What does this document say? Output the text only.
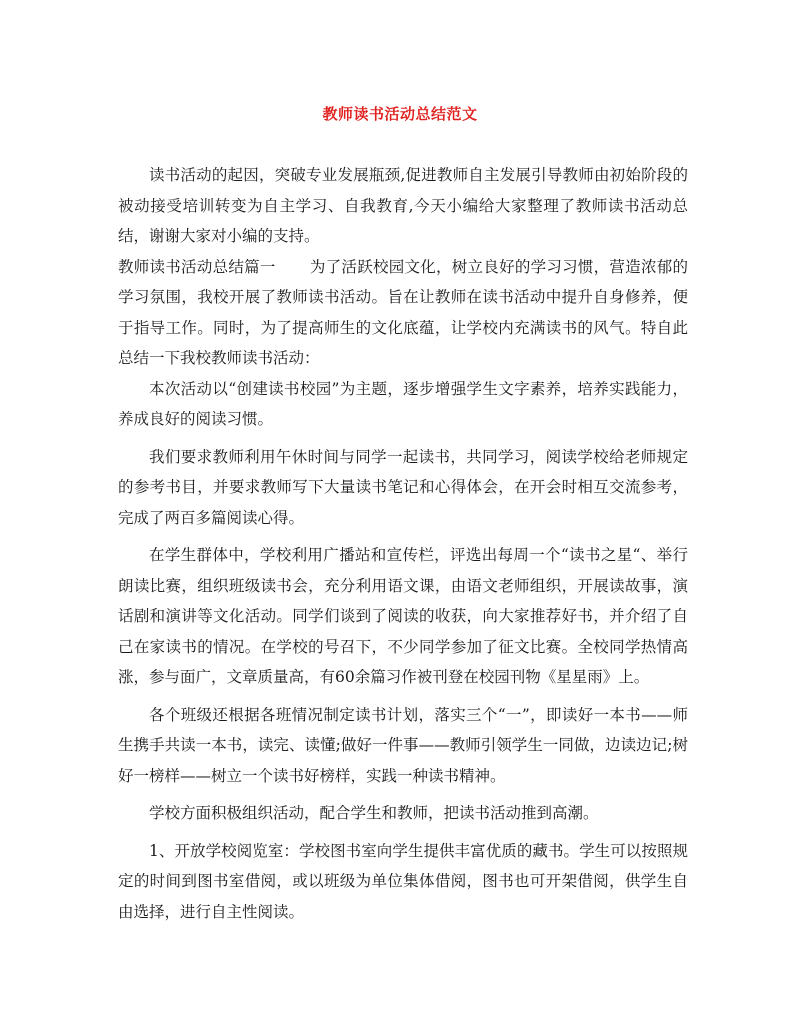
教师读书活动总结范文

读书活动的起因，突破专业发展瓶颈,促进教师自主发展引导教师由初始阶段的被动接受培训转变为自主学习、自我教育,今天小编给大家整理了教师读书活动总结，谢谢大家对小编的支持。

教师读书活动总结篇一 为了活跃校园文化，树立良好的学习习惯，营造浓郁的学习氛围，我校开展了教师读书活动。旨在让教师在读书活动中提升自身修养，便于指导工作。同时，为了提高师生的文化底蕴，让学校内充满读书的风气。特自此总结一下我校教师读书活动：

本次活动以“创建读书校园”为主题，逐步增强学生文字素养，培养实践能力，养成良好的阅读习惯。

我们要求教师利用午休时间与同学一起读书，共同学习，阅读学校给老师规定的参考书目，并要求教师写下大量读书笔记和心得体会，在开会时相互交流参考，完成了两百多篇阅读心得。

在学生群体中，学校利用广播站和宣传栏，评选出每周一个“读书之星“、举行朗读比赛，组织班级读书会，充分利用语文课，由语文老师组织，开展读故事，演话剧和演讲等文化活动。同学们谈到了阅读的收获，向大家推荐好书，并介绍了自己在家读书的情况。在学校的号召下，不少同学参加了征文比赛。全校同学热情高涨，参与面广，文章质量高，有60余篇习作被刊登在校园刊物《星星雨》上。

各个班级还根据各班情况制定读书计划，落实三个“一”，即读好一本书——师生携手共读一本书，读完、读懂;做好一件事——教师引领学生一同做，边读边记;树好一榜样——树立一个读书好榜样，实践一种读书精神。

学校方面积极组织活动，配合学生和教师，把读书活动推到高潮。

1、开放学校阅览室：学校图书室向学生提供丰富优质的藏书。学生可以按照规定的时间到图书室借阅，或以班级为单位集体借阅，图书也可开架借阅，供学生自由选择，进行自主性阅读。
